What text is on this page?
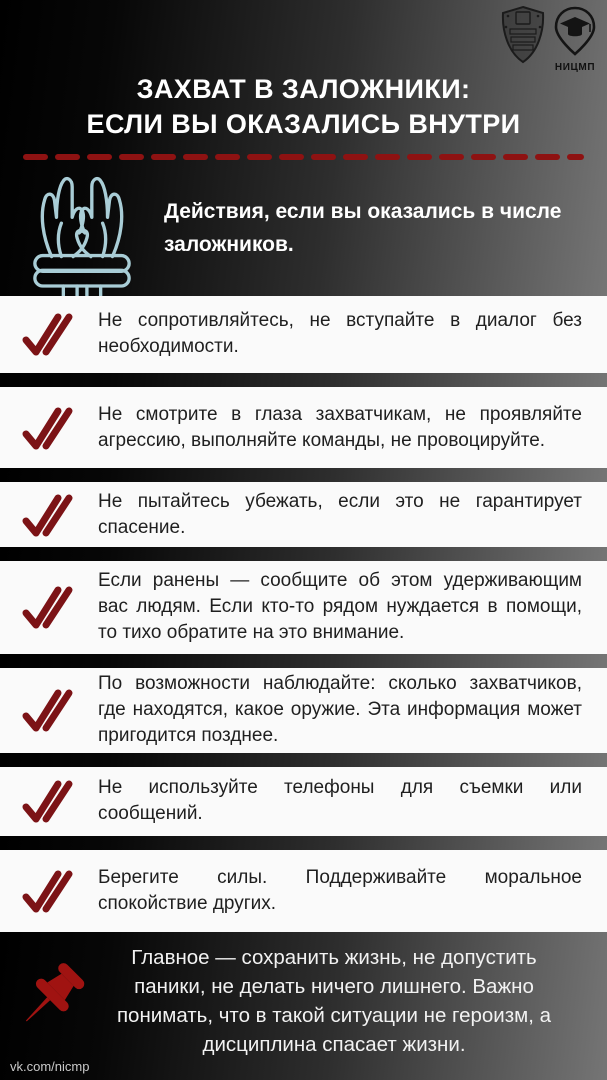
НИЦМП
ЗАХВАТ В ЗАЛОЖНИКИ:
ЕСЛИ ВЫ ОКАЗАЛИСЬ ВНУТРИ
Действия, если вы оказались в числе заложников.

Не сопротивляйтесь, не вступайте в диалог без необходимости.

Не смотрите в глаза захватчикам, не проявляйте агрессию, выполняйте команды, не провоцируйте.

Не пытайтесь убежать, если это не гарантирует спасение.

Если ранены — сообщите об этом удерживающим вас людям. Если кто-то рядом нуждается в помощи, то тихо обратите на это внимание.

По возможности наблюдайте: сколько захватчиков, где находятся, какое оружие. Эта информация может пригодится позднее.

Не используйте телефоны для съемки или сообщений.

Берегите силы. Поддерживайте моральное спокойствие других.

Главное — сохранить жизнь, не допустить паники, не делать ничего лишнего. Важно понимать, что в такой ситуации не героизм, а дисциплина спасает жизни.
vk.com/nicmp
